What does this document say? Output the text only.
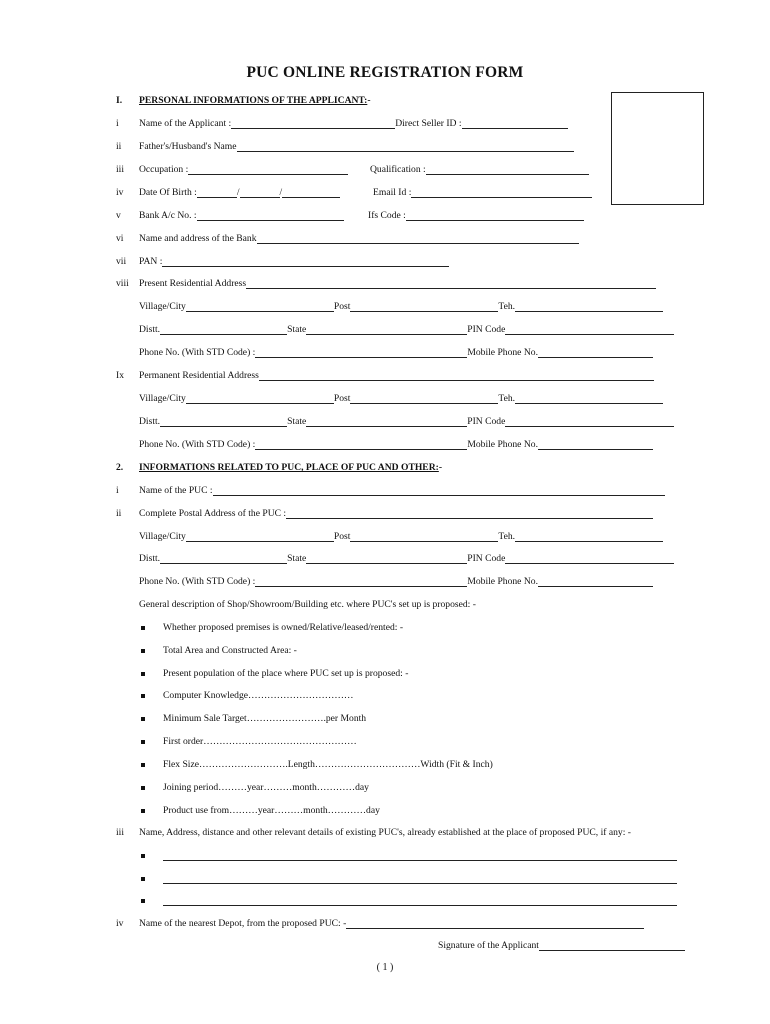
PUC ONLINE REGISTRATION FORM
I. PERSONAL INFORMATIONS OF THE APPLICANT: -
i Name of the Applicant :	Direct Seller ID :
ii Father's/Husband's Name
iii Occupation :	Qualification :
iv Date Of Birth :	/	/	Email Id :
v Bank A/c No. :	Ifs Code :
vi Name and address of the Bank
vii PAN :
viii Present Residential Address
Village/City	Post	Teh.
Distt.	State	PIN Code
Phone No. (With STD Code) :	Mobile Phone No.
Ix Permanent Residential Address
Village/City	Post	Teh.
Distt.	State	PIN Code
Phone No. (With STD Code) :	Mobile Phone No.
2. INFORMATIONS RELATED TO PUC, PLACE OF PUC AND OTHER: -
i Name of the PUC :
ii Complete Postal Address of the PUC :
Village/City	Post	Teh.
Distt.	State	PIN Code
Phone No. (With STD Code) :	Mobile Phone No.
General description of Shop/Showroom/Building etc. where PUC's set up is proposed: -
Whether proposed premises is owned/Relative/leased/rented: -
Total Area and Constructed Area: -
Present population of the place where PUC set up is proposed: -
Computer Knowledge……………………………
Minimum Sale Target…………………….per Month
First order…………………………………………
Flex Size……………………….Length……………………………Width (Fit & Inch)
Joining period………year………month…………day
Product use from………year………month…………day
iii Name, Address, distance and other relevant details of existing PUC's, already established at the place of proposed PUC, if any: -
iv Name of the nearest Depot, from the proposed PUC: -
Signature of the Applicant
( 1 )
